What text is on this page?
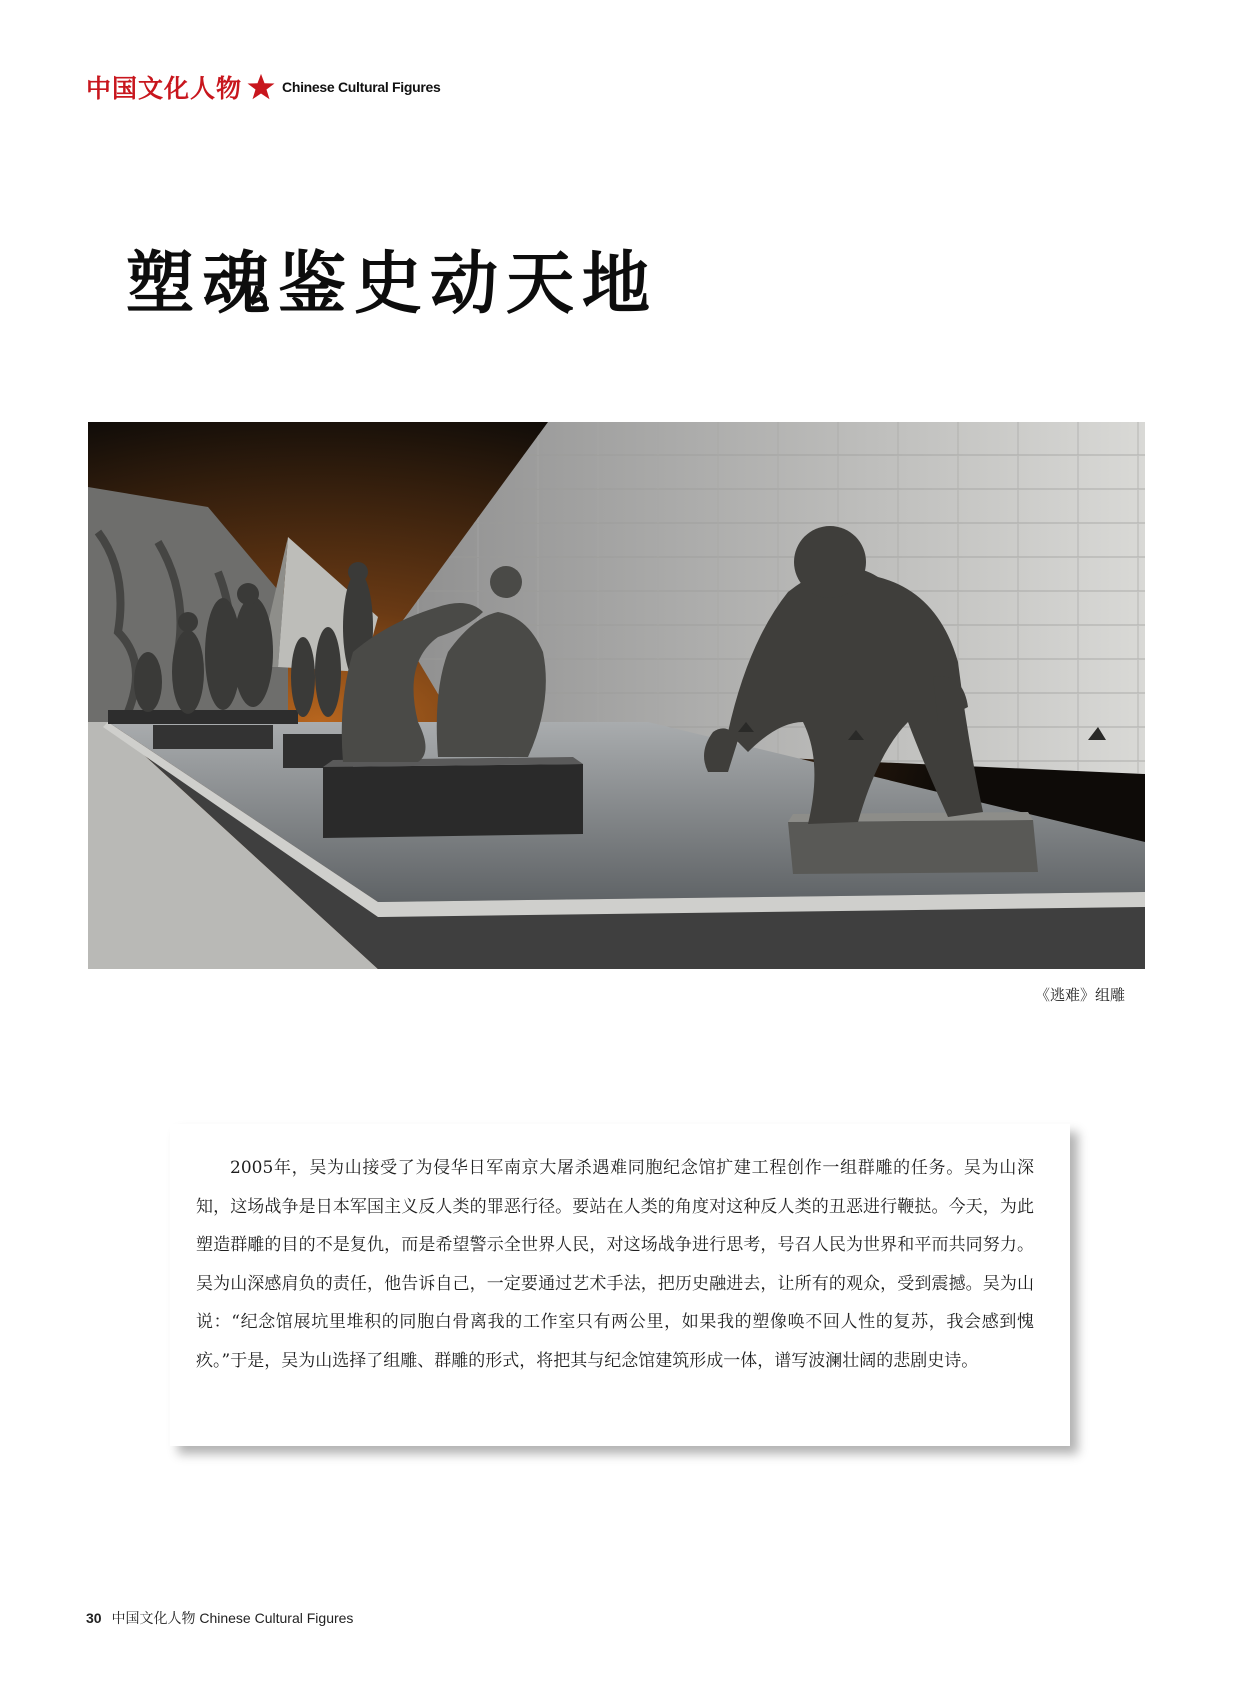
中国文化人物	Chinese Cultural Figures
塑魂鉴史动天地
《逃难》组雕

2005年，吴为山接受了为侵华日军南京大屠杀遇难同胞纪念馆扩建工程创作一组群雕的任务。吴为山深知，这场战争是日本军国主义反人类的罪恶行径。要站在人类的角度对这种反人类的丑恶进行鞭挞。今天，为此塑造群雕的目的不是复仇，而是希望警示全世界人民，对这场战争进行思考，号召人民为世界和平而共同努力。吴为山深感肩负的责任，他告诉自己，一定要通过艺术手法，把历史融进去，让所有的观众，受到震撼。吴为山说：“纪念馆展坑里堆积的同胞白骨离我的工作室只有两公里，如果我的塑像唤不回人性的复苏，我会感到愧疚。”于是，吴为山选择了组雕、群雕的形式，将把其与纪念馆建筑形成一体，谱写波澜壮阔的悲剧史诗。

30 中国文化人物 Chinese Cultural Figures
